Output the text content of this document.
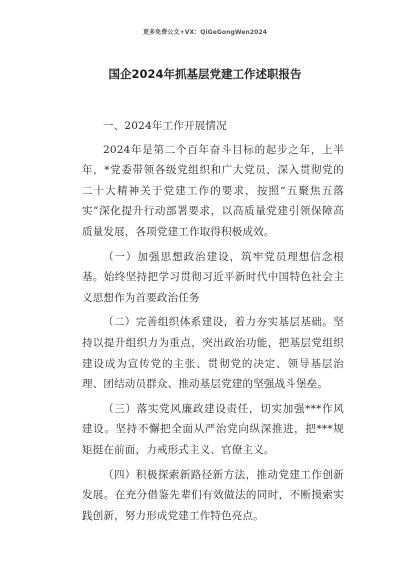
更多免费公文+VX：QiGeGongWen2024
国企2024年抓基层党建工作述职报告

一、2024年工作开展情况

2024年是第二个百年奋斗目标的起步之年，上半年，*党委带领各级党组织和广大党员，深入贯彻党的二十大精神关于党建工作的要求，按照“五聚焦五落实”深化提升行动部署要求，以高质量党建引领保障高质量发展，各项党建工作取得积极成效。

（一）加强思想政治建设，筑牢党员理想信念根基。始终坚持把学习贯彻习近平新时代中国特色社会主义思想作为首要政治任务

（二）完善组织体系建设，着力夯实基层基础。坚持以提升组织力为重点，突出政治功能，把基层党组织建设成为宣传党的主张、贯彻党的决定、领导基层治理、团结动员群众、推动基层党建的坚强战斗堡垒。

（三）落实党风廉政建设责任，切实加强***作风建设。坚持不懈把全面从严治党向纵深推进，把***规矩挺在前面，力戒形式主义、官僚主义。

（四）积极探索新路径新方法，推动党建工作创新发展。在充分借鉴先辈们有效做法的同时，不断摸索实践创新，努力形成党建工作特色亮点。
